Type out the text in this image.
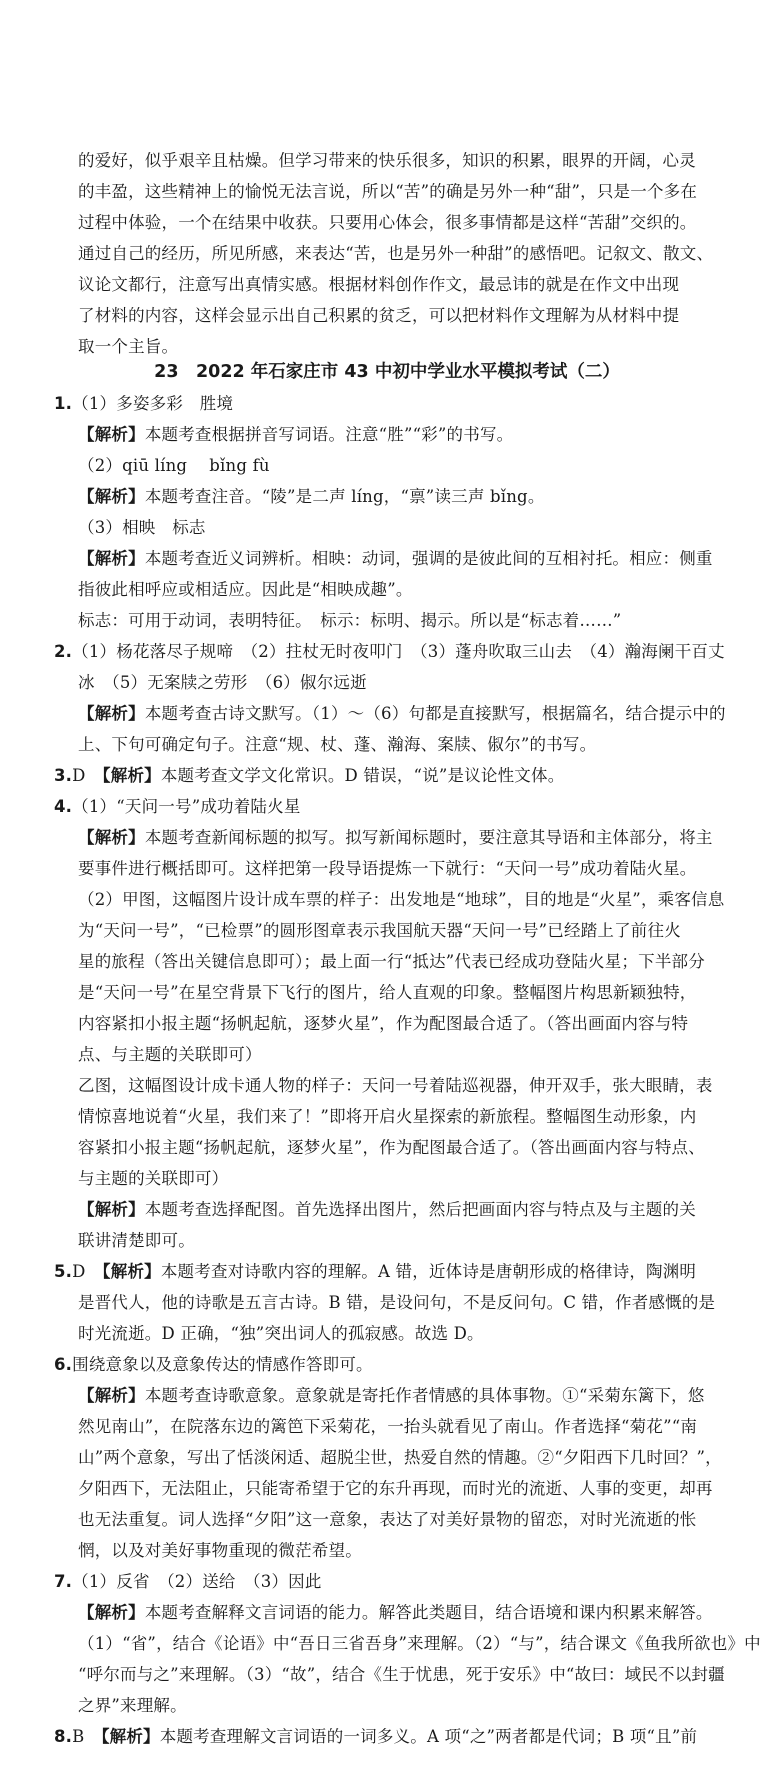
的爱好，似乎艰辛且枯燥。但学习带来的快乐很多，知识的积累，眼界的开阔，心灵
的丰盈，这些精神上的愉悦无法言说，所以“苦”的确是另外一种“甜”，只是一个多在
过程中体验，一个在结果中收获。只要用心体会，很多事情都是这样“苦甜”交织的。
通过自己的经历，所见所感，来表达“苦，也是另外一种甜”的感悟吧。记叙文、散文、
议论文都行，注意写出真情实感。根据材料创作作文，最忌讳的就是在作文中出现
了材料的内容，这样会显示出自己积累的贫乏，可以把材料作文理解为从材料中提
取一个主旨。
23　2022 年石家庄市 43 中初中学业水平模拟考试（二）
1.（1）多姿多彩　胜境
【解析】本题考查根据拼音写词语。注意“胜”“彩”的书写。
（2）qiū líng　 bǐng fù
【解析】本题考查注音。“陵”是二声 líng，“禀”读三声 bǐng。
（3）相映　标志
【解析】本题考查近义词辨析。相映：动词，强调的是彼此间的互相衬托。相应：侧重
指彼此相呼应或相适应。因此是“相映成趣”。
标志：可用于动词，表明特征。　标示：标明、揭示。所以是“标志着……”
2.（1）杨花落尽子规啼　（2）拄杖无时夜叩门　（3）蓬舟吹取三山去　（4）瀚海阑干百丈
冰　（5）无案牍之劳形　（6）俶尔远逝
【解析】本题考查古诗文默写。（1）～（6）句都是直接默写，根据篇名，结合提示中的
上、下句可确定句子。注意“规、杖、蓬、瀚海、案牍、俶尔”的书写。
3.D　【解析】本题考查文学文化常识。D 错误，“说”是议论性文体。
4.（1）“天问一号”成功着陆火星
【解析】本题考查新闻标题的拟写。拟写新闻标题时，要注意其导语和主体部分，将主
要事件进行概括即可。这样把第一段导语提炼一下就行：“天问一号”成功着陆火星。
（2）甲图，这幅图片设计成车票的样子：出发地是“地球”，目的地是“火星”，乘客信息
为“天问一号”，“已检票”的圆形图章表示我国航天器“天问一号”已经踏上了前往火
星的旅程（答出关键信息即可）；最上面一行“抵达”代表已经成功登陆火星；下半部分
是“天问一号”在星空背景下飞行的图片，给人直观的印象。整幅图片构思新颖独特，
内容紧扣小报主题“扬帆起航，逐梦火星”，作为配图最合适了。（答出画面内容与特
点、与主题的关联即可）
乙图，这幅图设计成卡通人物的样子：天问一号着陆巡视器，伸开双手，张大眼睛，表
情惊喜地说着“火星，我们来了！”即将开启火星探索的新旅程。整幅图生动形象，内
容紧扣小报主题“扬帆起航，逐梦火星”，作为配图最合适了。（答出画面内容与特点、
与主题的关联即可）
【解析】本题考查选择配图。首先选择出图片，然后把画面内容与特点及与主题的关
联讲清楚即可。
5.D　【解析】本题考查对诗歌内容的理解。A 错，近体诗是唐朝形成的格律诗，陶渊明
是晋代人，他的诗歌是五言古诗。B 错，是设问句，不是反问句。C 错，作者感慨的是
时光流逝。D 正确，“独”突出词人的孤寂感。故选 D。
6.围绕意象以及意象传达的情感作答即可。
【解析】本题考查诗歌意象。意象就是寄托作者情感的具体事物。①“采菊东篱下，悠
然见南山”，在院落东边的篱笆下采菊花，一抬头就看见了南山。作者选择“菊花”“南
山”两个意象，写出了恬淡闲适、超脱尘世，热爱自然的情趣。②“夕阳西下几时回？”，
夕阳西下，无法阻止，只能寄希望于它的东升再现，而时光的流逝、人事的变更，却再
也无法重复。词人选择“夕阳”这一意象，表达了对美好景物的留恋，对时光流逝的怅
惘，以及对美好事物重现的微茫希望。
7.（1）反省　（2）送给　（3）因此
【解析】本题考查解释文言词语的能力。解答此类题目，结合语境和课内积累来解答。
（1）“省”，结合《论语》中“吾日三省吾身”来理解。（2）“与”，结合课文《鱼我所欲也》中
“呼尔而与之”来理解。（3）“故”，结合《生于忧患，死于安乐》中“故曰：域民不以封疆
之界”来理解。
8.B　【解析】本题考查理解文言词语的一词多义。A 项“之”两者都是代词；B 项“且”前
